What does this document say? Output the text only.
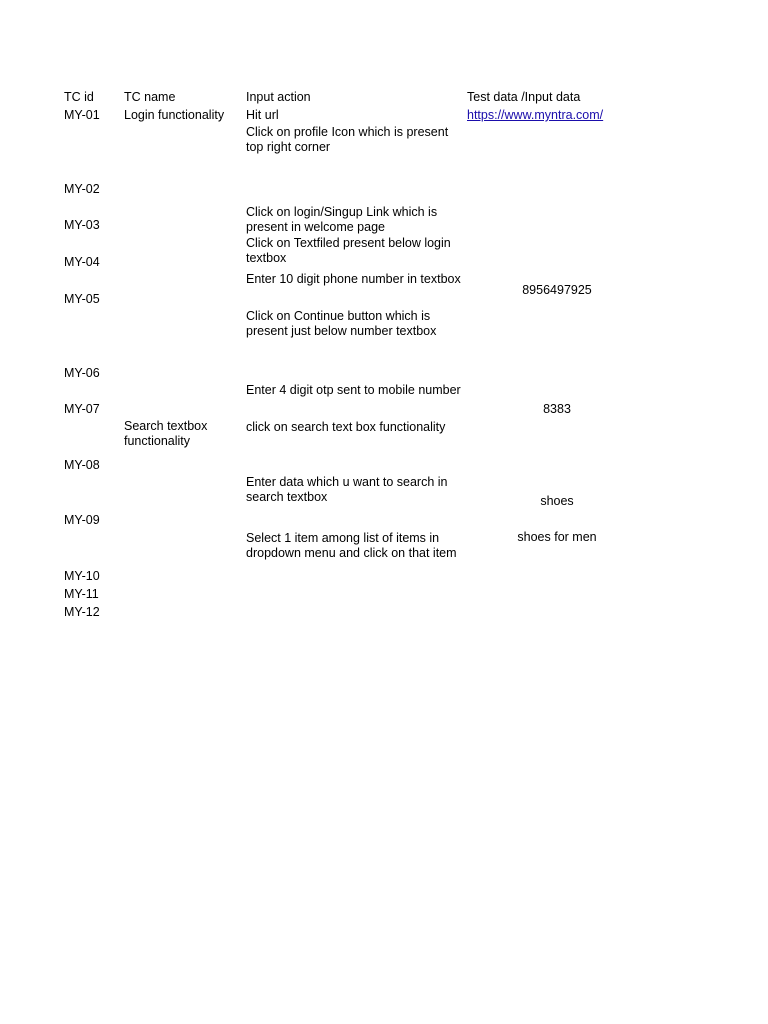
TC id TC name	Input action	Test data /Input data
MY-01
MY-02
MY-03
MY-04
MY-05
MY-06
MY-07
MY-08
MY-09
MY-10
MY-11
MY-12
Login functionality
Search textbox
functionality
Hit url
Click on profile Icon which is present
top right corner
Click on login/Singup Link which is
present in welcome page
Click on Textfiled present below login
textbox
Enter 10 digit phone number in textbox
Click on Continue button which is
present just below number textbox
Enter 4 digit otp sent to mobile number
click on search text box functionality
Enter data which u want to search in
search textbox
Select 1 item among list of items in
dropdown menu and click on that item
https://www.myntra.com/
8956497925
8383
shoes
shoes for men
